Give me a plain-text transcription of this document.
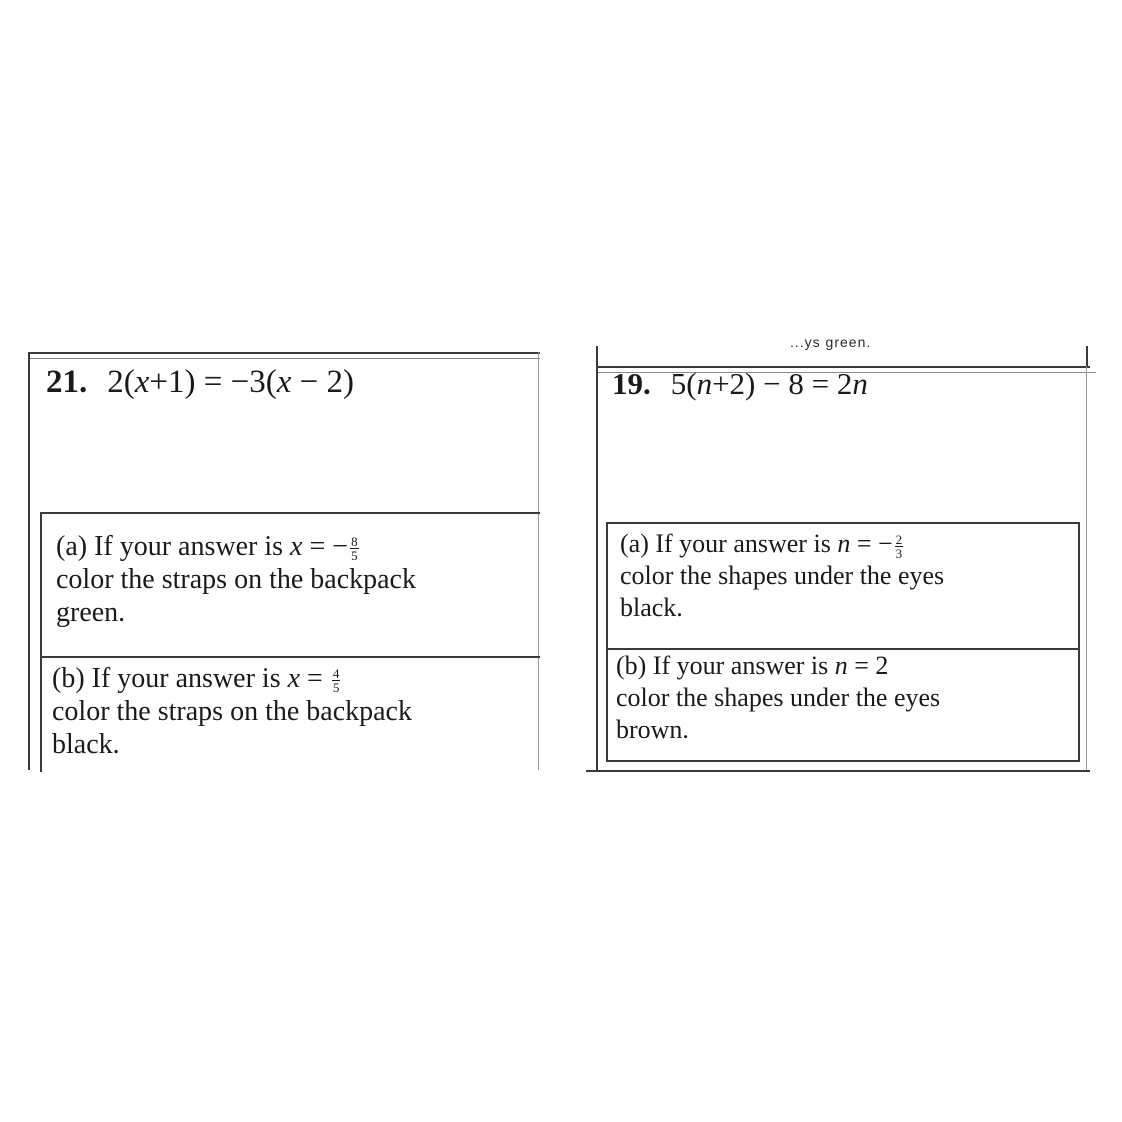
21. 2(x+1) = −3(x − 2)
(a) If your answer is x = − $\frac{8}{5}$
color the straps on the backpack
green.
(b) If your answer is $x = \frac{4}{5}$
color the straps on the backpack
black.
...ys green.
19. 5(n+2) − 8 = 2n
(a) If your answer is n = − $\frac{2}{3}$
color the shapes under the eyes
black.
(b) If your answer is n = 2
color the shapes under the eyes
brown.
